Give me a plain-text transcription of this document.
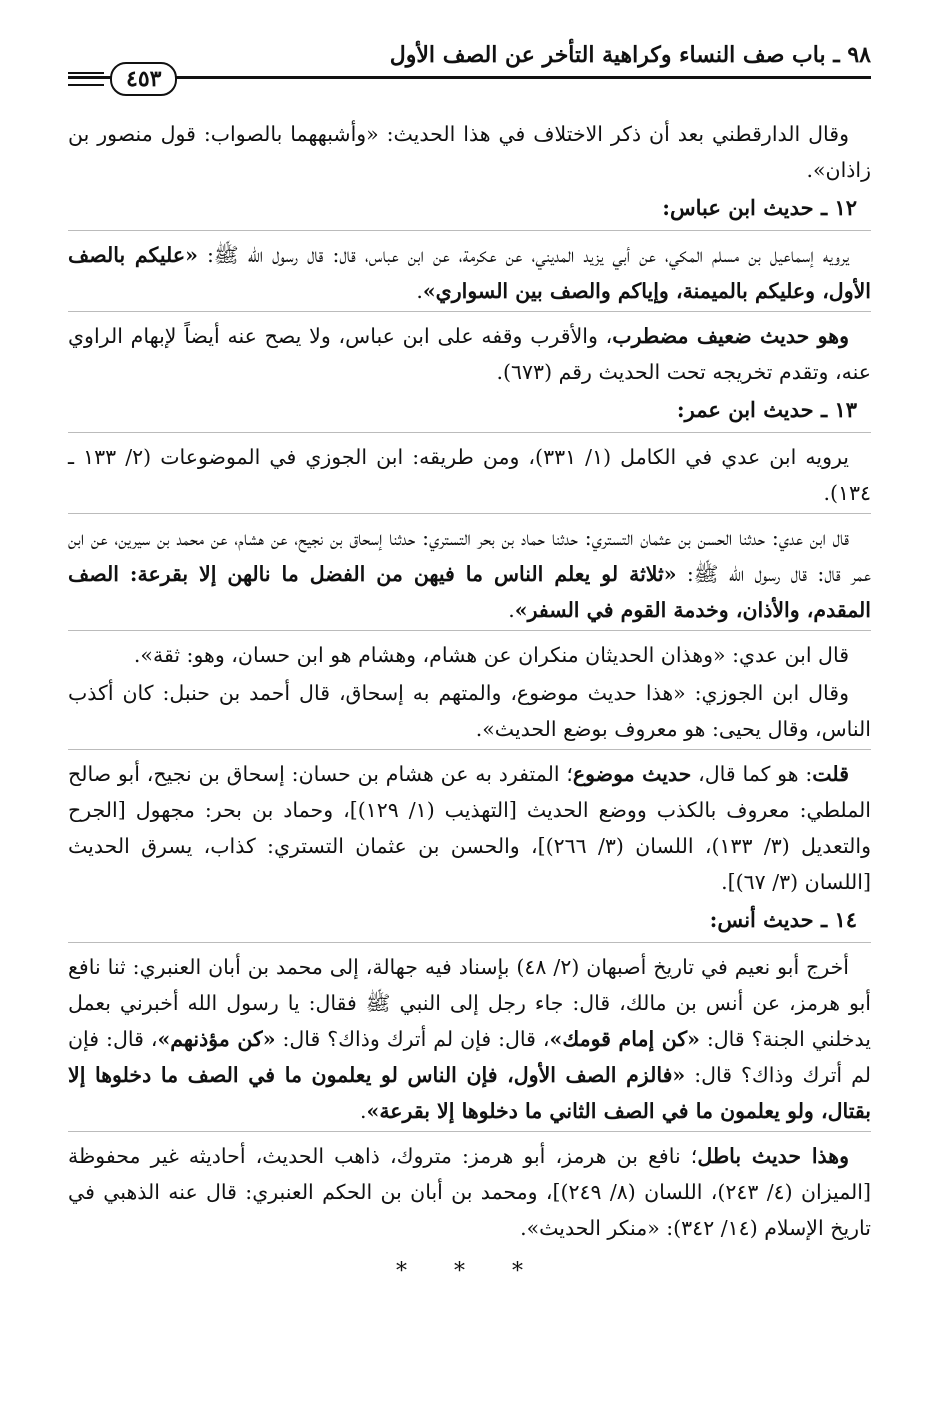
٩٨ ـ باب صف النساء وكراهية التأخر عن الصف الأول
٤٥٣

وقال الدارقطني بعد أن ذكر الاختلاف في هذا الحديث: «وأشبههما بالصواب: قول منصور بن زاذان».

١٢ ـ حديث ابن عباس:

يرويه إسماعيل بن مسلم المكي، عن أبي يزيد المديني، عن عكرمة، عن ابن عباس، قال: قال رسول الله ﷺ: «عليكم بالصف الأول، وعليكم بالميمنة، وإياكم والصف بين السواري».

وهو حديث ضعيف مضطرب، والأقرب وقفه على ابن عباس، ولا يصح عنه أيضاً لإبهام الراوي عنه، وتقدم تخريجه تحت الحديث رقم (٦٧٣).

١٣ ـ حديث ابن عمر:

يرويه ابن عدي في الكامل (١/ ٣٣١)، ومن طريقه: ابن الجوزي في الموضوعات (٢/ ١٣٣ ـ ١٣٤).

قال ابن عدي: حدثنا الحسن بن عثمان التستري: حدثنا حماد بن بحر التستري: حدثنا إسحاق بن نجيح، عن هشام، عن محمد بن سيرين، عن ابن عمر قال: قال رسول الله ﷺ: «ثلاثة لو يعلم الناس ما فيهن من الفضل ما نالهن إلا بقرعة: الصف المقدم، والأذان، وخدمة القوم في السفر».

قال ابن عدي: «وهذان الحديثان منكران عن هشام، وهشام هو ابن حسان، وهو: ثقة».

وقال ابن الجوزي: «هذا حديث موضوع، والمتهم به إسحاق، قال أحمد بن حنبل: كان أكذب الناس، وقال يحيى: هو معروف بوضع الحديث».

قلت: هو كما قال، حديث موضوع؛ المتفرد به عن هشام بن حسان: إسحاق بن نجيح، أبو صالح الملطي: معروف بالكذب ووضع الحديث [التهذيب (١/ ١٢٩)]، وحماد بن بحر: مجهول [الجرح والتعديل (٣/ ١٣٣)، اللسان (٣/ ٢٦٦)]، والحسن بن عثمان التستري: كذاب، يسرق الحديث [اللسان (٣/ ٦٧)].

١٤ ـ حديث أنس:

أخرج أبو نعيم في تاريخ أصبهان (٢/ ٤٨) بإسناد فيه جهالة، إلى محمد بن أبان العنبري: ثنا نافع أبو هرمز، عن أنس بن مالك، قال: جاء رجل إلى النبي ﷺ فقال: يا رسول الله أخبرني بعمل يدخلني الجنة؟ قال: «كن إمام قومك»، قال: فإن لم أترك وذاك؟ قال: «كن مؤذنهم»، قال: فإن لم أترك وذاك؟ قال: «فالزم الصف الأول، فإن الناس لو يعلمون ما في الصف ما دخلوها إلا بقتال، ولو يعلمون ما في الصف الثاني ما دخلوها إلا بقرعة».

وهذا حديث باطل؛ نافع بن هرمز، أبو هرمز: متروك، ذاهب الحديث، أحاديثه غير محفوظة [الميزان (٤/ ٢٤٣)، اللسان (٨/ ٢٤٩)]، ومحمد بن أبان بن الحكم العنبري: قال عنه الذهبي في تاريخ الإسلام (١٤/ ٣٤٢): «منكر الحديث».

* * *
